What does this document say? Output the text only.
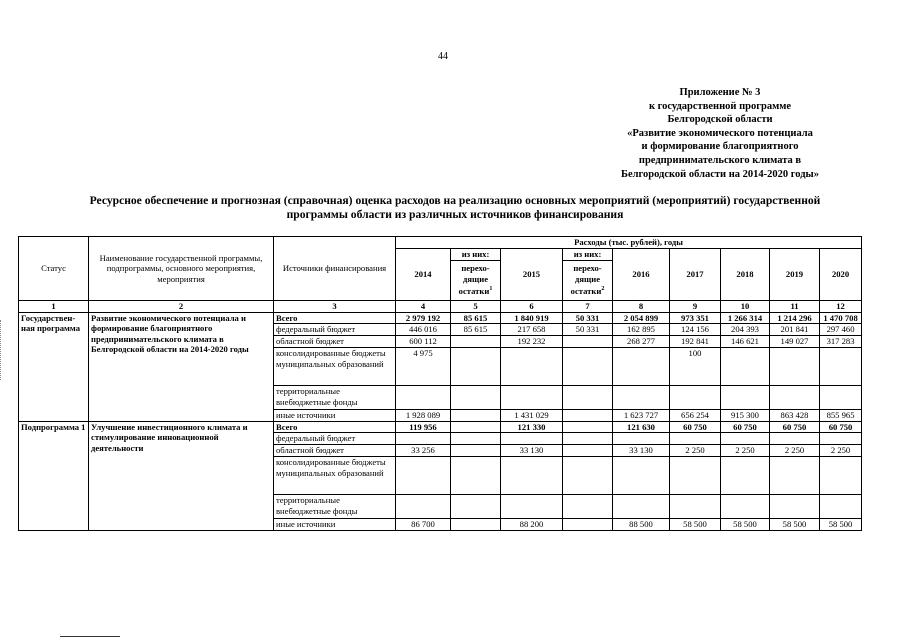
44
Приложение № 3
к государственной программе
Белгородской области
«Развитие экономического потенциала
и формирование благоприятного
предпринимательского климата в
Белгородской области на 2014-2020 годы»
Ресурсное обеспечение и прогнозная (справочная) оценка расходов на реализацию основных мероприятий (мероприятий) государственной
программы области из различных источников финансирования
Статус	Наименование государственной программы, подпрограммы, основного мероприятия, мероприятия	Источники финансирования	Расходы (тыс. рублей), годы								
			2014	из них:	2015	из них:	2016	2017	2018	2019	2020
				перехо-дящие остатки$^1$		перехо-дящие остатки$^2$
1	2	3	4	5	6	7	8	9	10	11	12
Государствен-ная программа	Развитие экономического потенциала и формирование благоприятного предпринимательского климата в Белгородской области на 2014-2020 годы	Всего	2 979 192	85 615	1 840 919	50 331	2 054 899	973 351	1 266 314	1 214 296	1 470 708
		федеральный бюджет	446 016	85 615	217 658	50 331	162 895	124 156	204 393	201 841	297 460
		областной бюджет	600 112		192 232		268 277	192 841	146 621	149 027	317 283
		консолидированные бюджеты муниципальных образований	4 975					100			
		территориальные внебюджетные фонды									
		иные источники	1 928 089		1 431 029		1 623 727	656 254	915 300	863 428	855 965
Подпрограмма 1	Улучшение инвестиционного климата и стимулирование инновационной деятельности	Всего	119 956		121 330		121 630	60 750	60 750	60 750	60 750
		федеральный бюджет									
		областной бюджет	33 256		33 130		33 130	2 250	2 250	2 250	2 250
		консолидированные бюджеты муниципальных образований									
		территориальные внебюджетные фонды									
		иные источники	86 700		88 200		88 500	58 500	58 500	58 500	58 500
